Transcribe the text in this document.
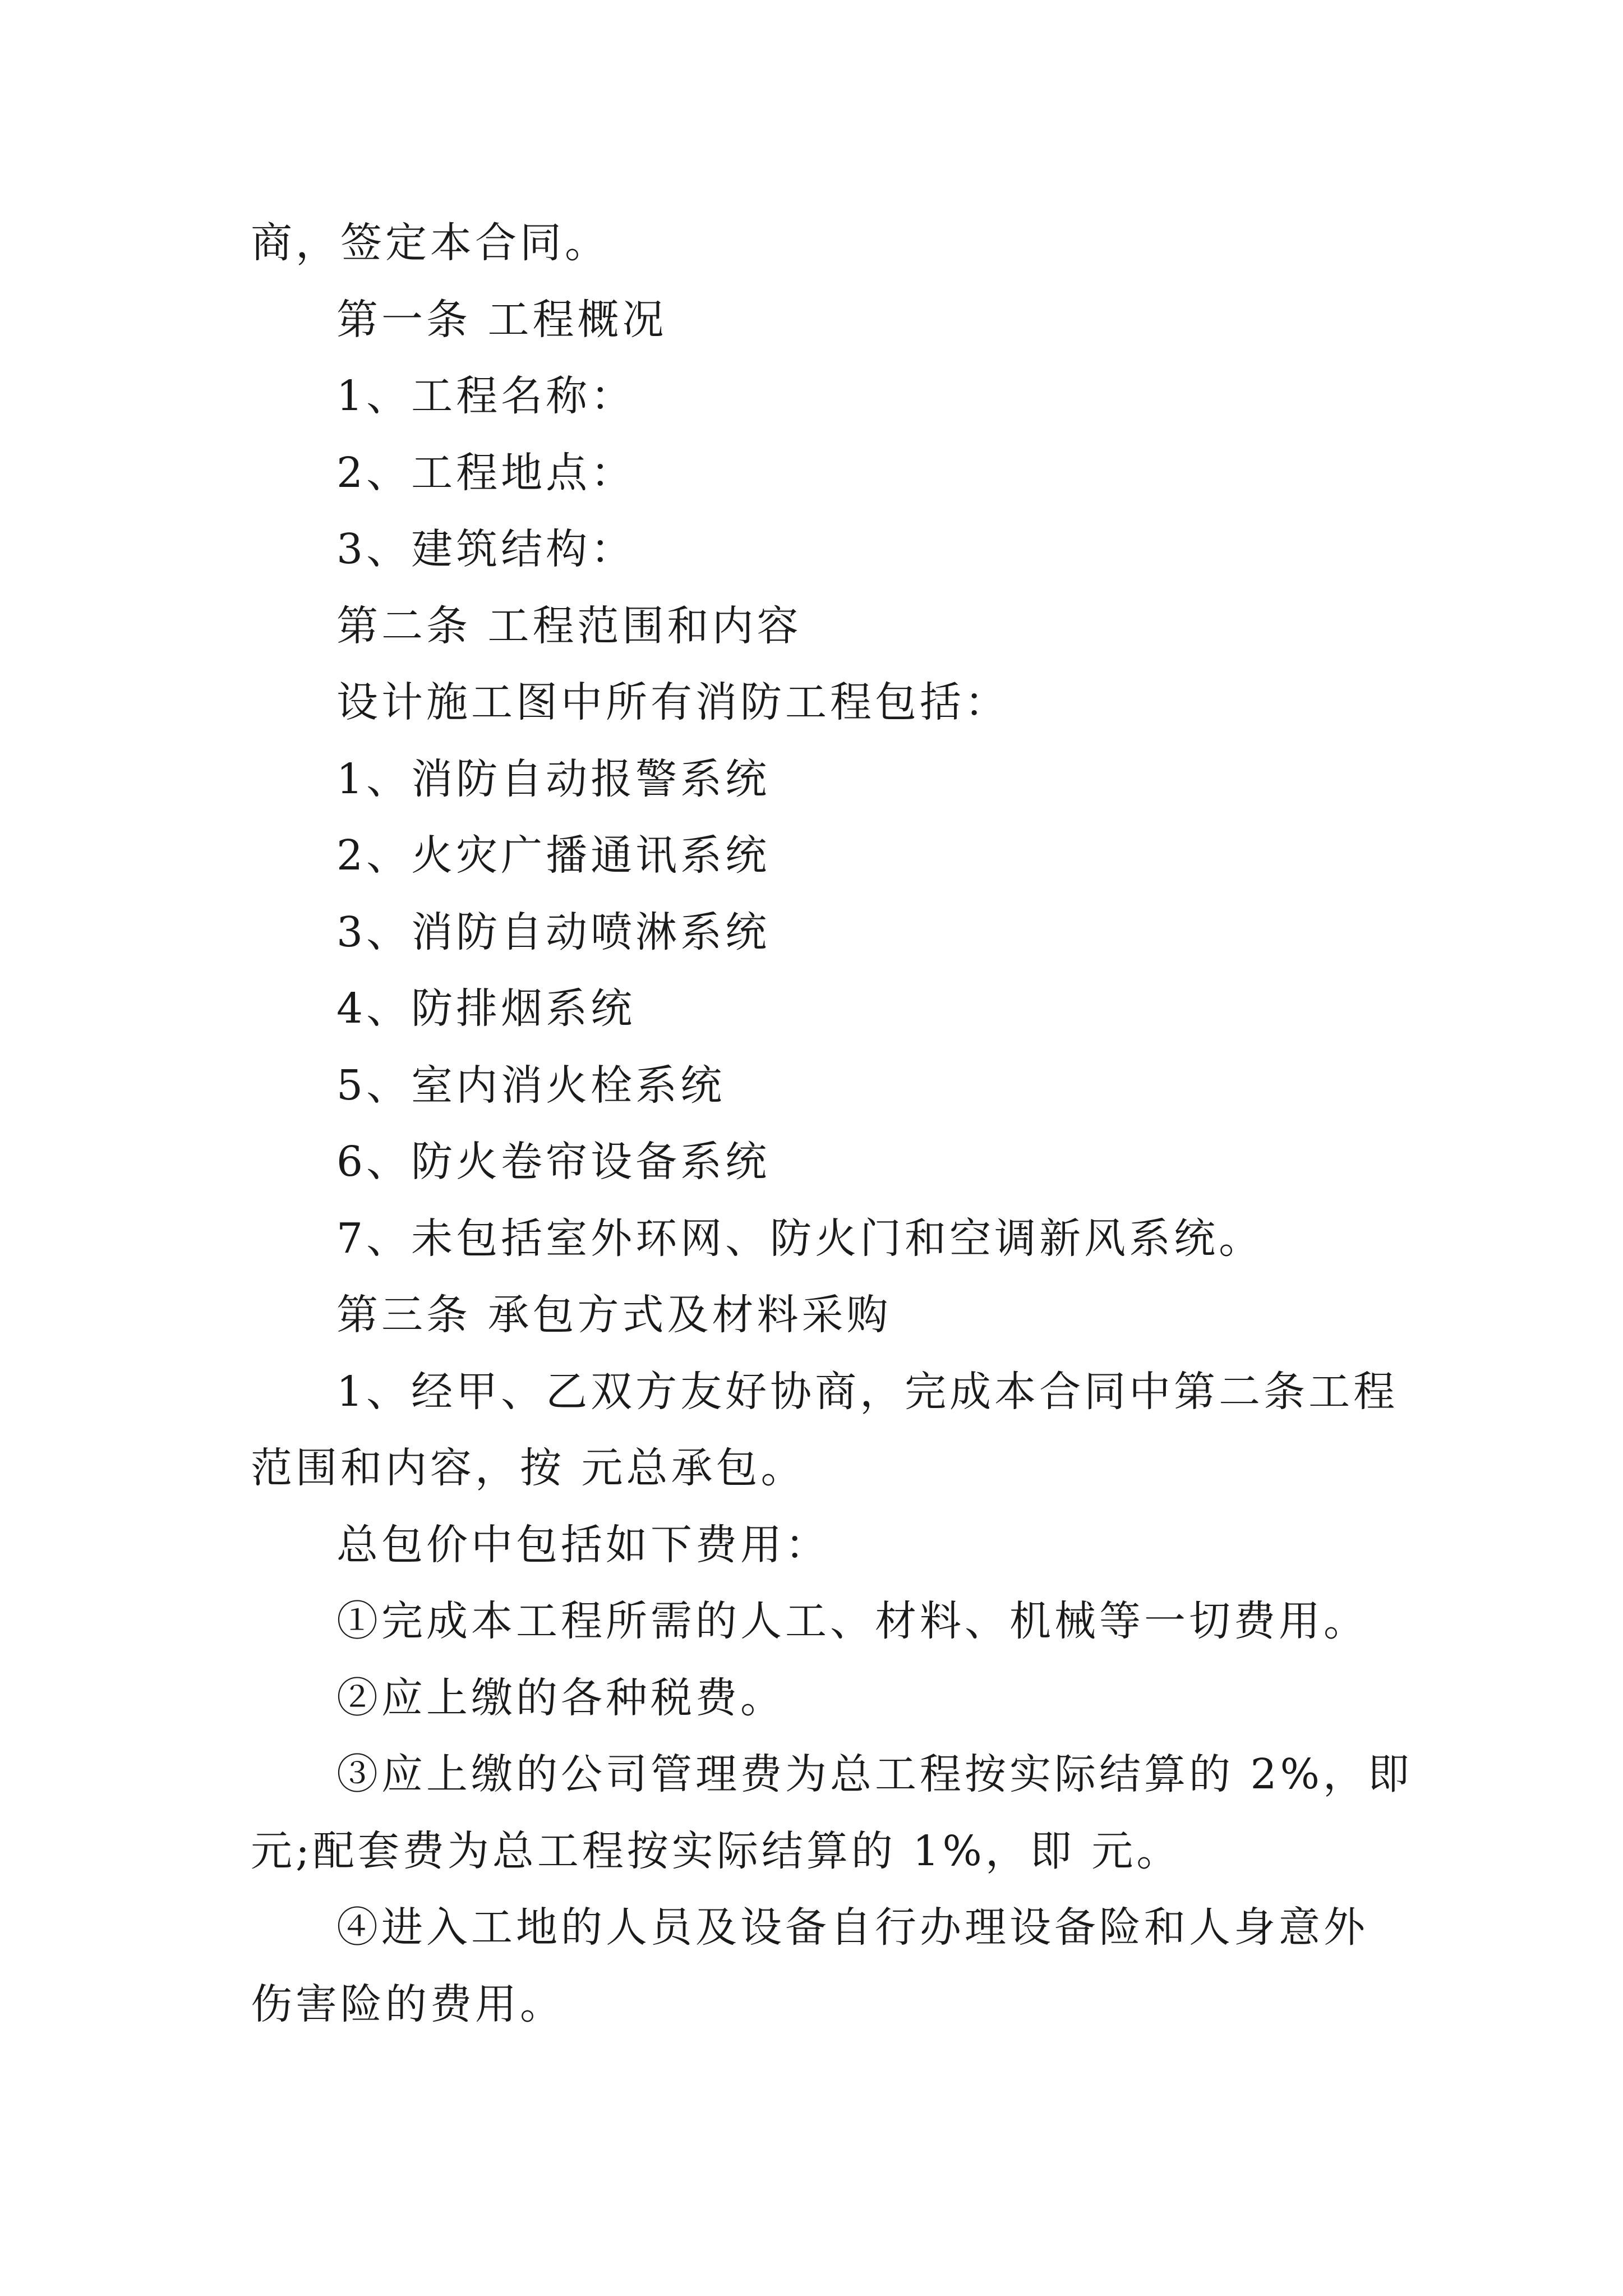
商，签定本合同。
第一条 工程概况
1、工程名称：
2、工程地点：
3、建筑结构：
第二条 工程范围和内容
设计施工图中所有消防工程包括：
1、消防自动报警系统
2、火灾广播通讯系统
3、消防自动喷淋系统
4、防排烟系统
5、室内消火栓系统
6、防火卷帘设备系统
7、未包括室外环网、防火门和空调新风系统。
第三条 承包方式及材料采购
1、经甲、乙双方友好协商，完成本合同中第二条工程
范围和内容，按 元总承包。
总包价中包括如下费用：
①完成本工程所需的人工、材料、机械等一切费用。
②应上缴的各种税费。
③应上缴的公司管理费为总工程按实际结算的 2%，即
元;配套费为总工程按实际结算的 1%，即 元。
④进入工地的人员及设备自行办理设备险和人身意外
伤害险的费用。
